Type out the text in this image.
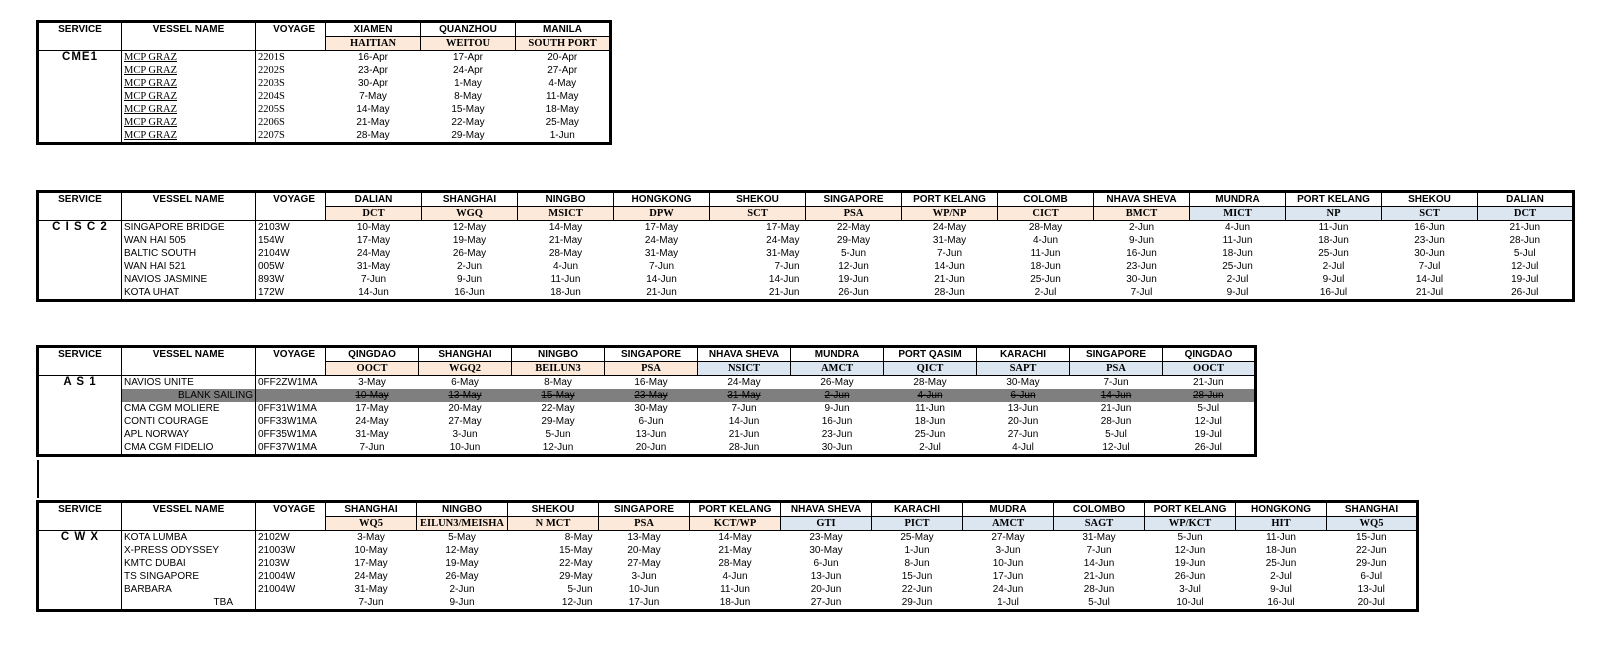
SERVICE	VESSEL NAME	VOYAGE	XIAMEN	QUANZHOU	MANILA
			HAITIAN	WEITOU	SOUTH PORT
CME1	MCP GRAZ	2201S	16-Apr	17-Apr	20-Apr
	MCP GRAZ	2202S	23-Apr	24-Apr	27-Apr
	MCP GRAZ	2203S	30-Apr	1-May	4-May
	MCP GRAZ	2204S	7-May	8-May	11-May
	MCP GRAZ	2205S	14-May	15-May	18-May
	MCP GRAZ	2206S	21-May	22-May	25-May
	MCP GRAZ	2207S	28-May	29-May	1-Jun
SERVICE	VESSEL NAME	VOYAGE	DALIAN	SHANGHAI	NINGBO	HONGKONG	SHEKOU	SINGAPORE	PORT KELANG	COLOMB	NHAVA SHEVA	MUNDRA	PORT KELANG	SHEKOU	DALIAN
			DCT	WGQ	MSICT	DPW	SCT	PSA	WP/NP	CICT	BMCT	MICT	NP	SCT	DCT
C I S C 2	SINGAPORE BRIDGE	2103W	10-May	12-May	14-May	17-May	17-May	22-May	24-May	28-May	2-Jun	4-Jun	11-Jun	16-Jun	21-Jun
	WAN HAI 505	154W	17-May	19-May	21-May	24-May	24-May	29-May	31-May	4-Jun	9-Jun	11-Jun	18-Jun	23-Jun	28-Jun
	BALTIC SOUTH	2104W	24-May	26-May	28-May	31-May	31-May	5-Jun	7-Jun	11-Jun	16-Jun	18-Jun	25-Jun	30-Jun	5-Jul
	WAN HAI 521	005W	31-May	2-Jun	4-Jun	7-Jun	7-Jun	12-Jun	14-Jun	18-Jun	23-Jun	25-Jun	2-Jul	7-Jul	12-Jul
	NAVIOS JASMINE	893W	7-Jun	9-Jun	11-Jun	14-Jun	14-Jun	19-Jun	21-Jun	25-Jun	30-Jun	2-Jul	9-Jul	14-Jul	19-Jul
	KOTA UHAT	172W	14-Jun	16-Jun	18-Jun	21-Jun	21-Jun	26-Jun	28-Jun	2-Jul	7-Jul	9-Jul	16-Jul	21-Jul	26-Jul
SERVICE	VESSEL NAME	VOYAGE	QINGDAO	SHANGHAI	NINGBO	SINGAPORE	NHAVA SHEVA	MUNDRA	PORT QASIM	KARACHI	SINGAPORE	QINGDAO
			OOCT	WGQ2	BEILUN3	PSA	NSICT	AMCT	QICT	SAPT	PSA	OOCT
A S 1	NAVIOS UNITE	0FF2ZW1MA	3-May	6-May	8-May	16-May	24-May	26-May	28-May	30-May	7-Jun	21-Jun
	BLANK SAILING		10-May	13-May	15-May	23-May	31-May	2-Jun	4-Jun	6-Jun	14-Jun	28-Jun
	CMA CGM MOLIERE	0FF31W1MA	17-May	20-May	22-May	30-May	7-Jun	9-Jun	11-Jun	13-Jun	21-Jun	5-Jul
	CONTI COURAGE	0FF33W1MA	24-May	27-May	29-May	6-Jun	14-Jun	16-Jun	18-Jun	20-Jun	28-Jun	12-Jul
	APL NORWAY	0FF35W1MA	31-May	3-Jun	5-Jun	13-Jun	21-Jun	23-Jun	25-Jun	27-Jun	5-Jul	19-Jul
	CMA CGM FIDELIO	0FF37W1MA	7-Jun	10-Jun	12-Jun	20-Jun	28-Jun	30-Jun	2-Jul	4-Jul	12-Jul	26-Jul
SERVICE	VESSEL NAME	VOYAGE	SHANGHAI	NINGBO	SHEKOU	SINGAPORE	PORT KELANG	NHAVA SHEVA	KARACHI	MUDRA	COLOMBO	PORT KELANG	HONGKONG	SHANGHAI
			WQ5	EILUN3/MEISHA	N MCT	PSA	KCT/WP	GTI	PICT	AMCT	SAGT	WP/KCT	HIT	WQ5
C W X	KOTA LUMBA	2102W	3-May	5-May	8-May	13-May	14-May	23-May	25-May	27-May	31-May	5-Jun	11-Jun	15-Jun
	X-PRESS ODYSSEY	21003W	10-May	12-May	15-May	20-May	21-May	30-May	1-Jun	3-Jun	7-Jun	12-Jun	18-Jun	22-Jun
	KMTC DUBAI	2103W	17-May	19-May	22-May	27-May	28-May	6-Jun	8-Jun	10-Jun	14-Jun	19-Jun	25-Jun	29-Jun
	TS SINGAPORE	21004W	24-May	26-May	29-May	3-Jun	4-Jun	13-Jun	15-Jun	17-Jun	21-Jun	26-Jun	2-Jul	6-Jul
	BARBARA	21004W	31-May	2-Jun	5-Jun	10-Jun	11-Jun	20-Jun	22-Jun	24-Jun	28-Jun	3-Jul	9-Jul	13-Jul
	TBA		7-Jun	9-Jun	12-Jun	17-Jun	18-Jun	27-Jun	29-Jun	1-Jul	5-Jul	10-Jul	16-Jul	20-Jul
